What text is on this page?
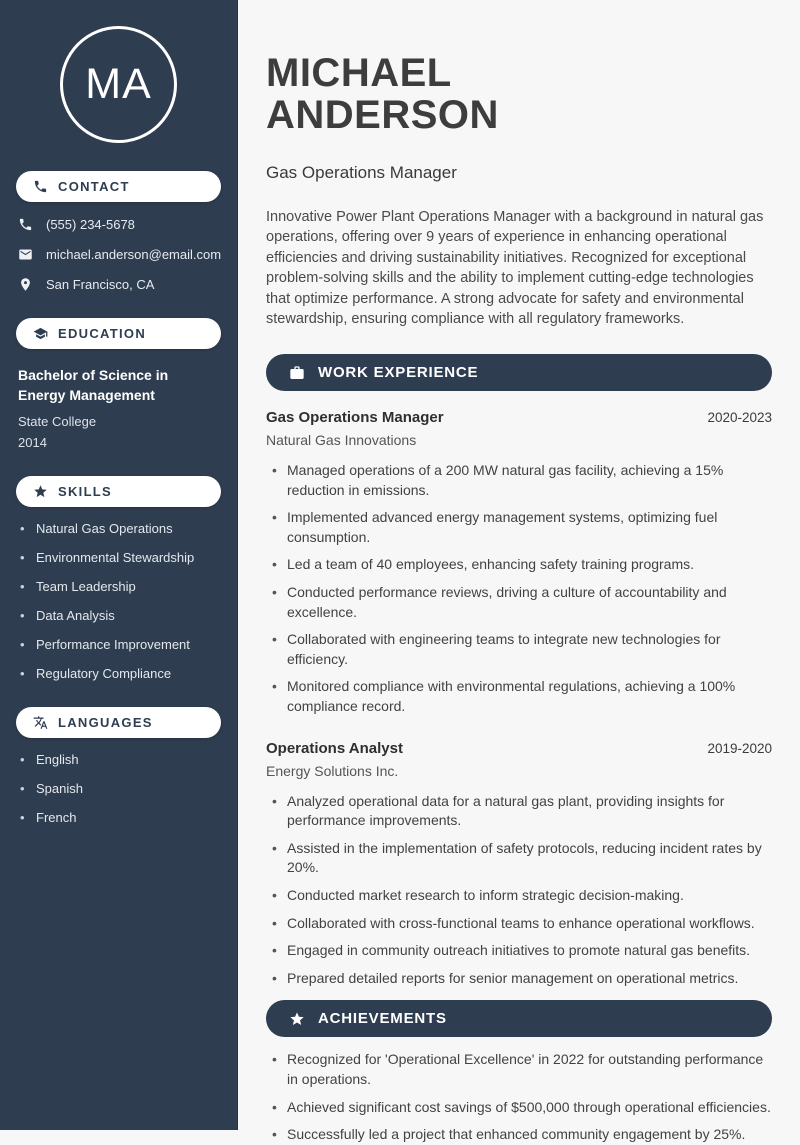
MA
CONTACT
(555) 234-5678
michael.anderson@email.com
San Francisco, CA
EDUCATION
Bachelor of Science in Energy Management
State College
2014
SKILLS
• Natural Gas Operations
• Environmental Stewardship
• Team Leadership
• Data Analysis
• Performance Improvement
• Regulatory Compliance
LANGUAGES
• English
• Spanish
• French
MICHAEL
ANDERSON
Gas Operations Manager

Innovative Power Plant Operations Manager with a background in natural gas operations, offering over 9 years of experience in enhancing operational efficiencies and driving sustainability initiatives. Recognized for exceptional problem-solving skills and the ability to implement cutting-edge technologies that optimize performance. A strong advocate for safety and environmental stewardship, ensuring compliance with all regulatory frameworks.

WORK EXPERIENCE
Gas Operations Manager	2020-2023
Natural Gas Innovations
• Managed operations of a 200 MW natural gas facility, achieving a 15% reduction in emissions.
• Implemented advanced energy management systems, optimizing fuel consumption.
• Led a team of 40 employees, enhancing safety training programs.
• Conducted performance reviews, driving a culture of accountability and excellence.
• Collaborated with engineering teams to integrate new technologies for efficiency.
• Monitored compliance with environmental regulations, achieving a 100% compliance record.
Operations Analyst	2019-2020
Energy Solutions Inc.
• Analyzed operational data for a natural gas plant, providing insights for performance improvements.
• Assisted in the implementation of safety protocols, reducing incident rates by 20%.
• Conducted market research to inform strategic decision-making.
• Collaborated with cross-functional teams to enhance operational workflows.
• Engaged in community outreach initiatives to promote natural gas benefits.
• Prepared detailed reports for senior management on operational metrics.
ACHIEVEMENTS
• Recognized for 'Operational Excellence' in 2022 for outstanding performance in operations.
• Achieved significant cost savings of $500,000 through operational efficiencies.
• Successfully led a project that enhanced community engagement by 25%.
